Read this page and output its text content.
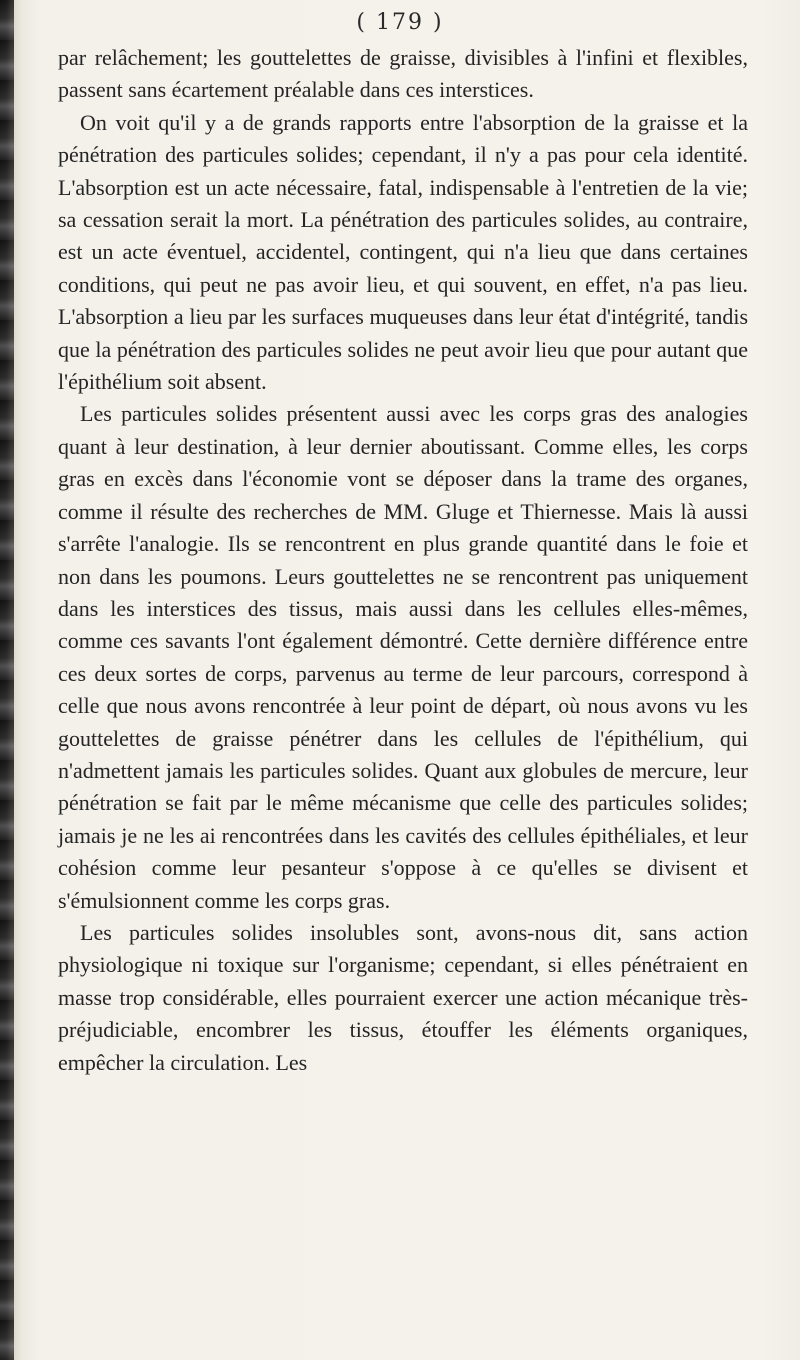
( 179 )

par relâchement; les gouttelettes de graisse, divisibles à l'infini et flexibles, passent sans écartement préalable dans ces interstices.

On voit qu'il y a de grands rapports entre l'absorption de la graisse et la pénétration des particules solides; cependant, il n'y a pas pour cela identité. L'absorption est un acte nécessaire, fatal, indispensable à l'entretien de la vie; sa cessation serait la mort. La pénétration des particules solides, au contraire, est un acte éventuel, accidentel, contingent, qui n'a lieu que dans certaines conditions, qui peut ne pas avoir lieu, et qui souvent, en effet, n'a pas lieu. L'absorption a lieu par les surfaces muqueuses dans leur état d'intégrité, tandis que la pénétration des particules solides ne peut avoir lieu que pour autant que l'épithélium soit absent.

Les particules solides présentent aussi avec les corps gras des analogies quant à leur destination, à leur dernier aboutissant. Comme elles, les corps gras en excès dans l'économie vont se déposer dans la trame des organes, comme il résulte des recherches de MM. Gluge et Thiernesse. Mais là aussi s'arrête l'analogie. Ils se rencontrent en plus grande quantité dans le foie et non dans les poumons. Leurs gouttelettes ne se rencontrent pas uniquement dans les interstices des tissus, mais aussi dans les cellules elles-mêmes, comme ces savants l'ont également démontré. Cette dernière différence entre ces deux sortes de corps, parvenus au terme de leur parcours, correspond à celle que nous avons rencontrée à leur point de départ, où nous avons vu les gouttelettes de graisse pénétrer dans les cellules de l'épithélium, qui n'admettent jamais les particules solides. Quant aux globules de mercure, leur pénétration se fait par le même mécanisme que celle des particules solides; jamais je ne les ai rencontrées dans les cavités des cellules épithéliales, et leur cohésion comme leur pesanteur s'oppose à ce qu'elles se divisent et s'émulsionnent comme les corps gras.

Les particules solides insolubles sont, avons-nous dit, sans action physiologique ni toxique sur l'organisme; cependant, si elles pénétraient en masse trop considérable, elles pourraient exercer une action mécanique très-préjudiciable, encombrer les tissus, étouffer les éléments organiques, empêcher la circulation. Les
